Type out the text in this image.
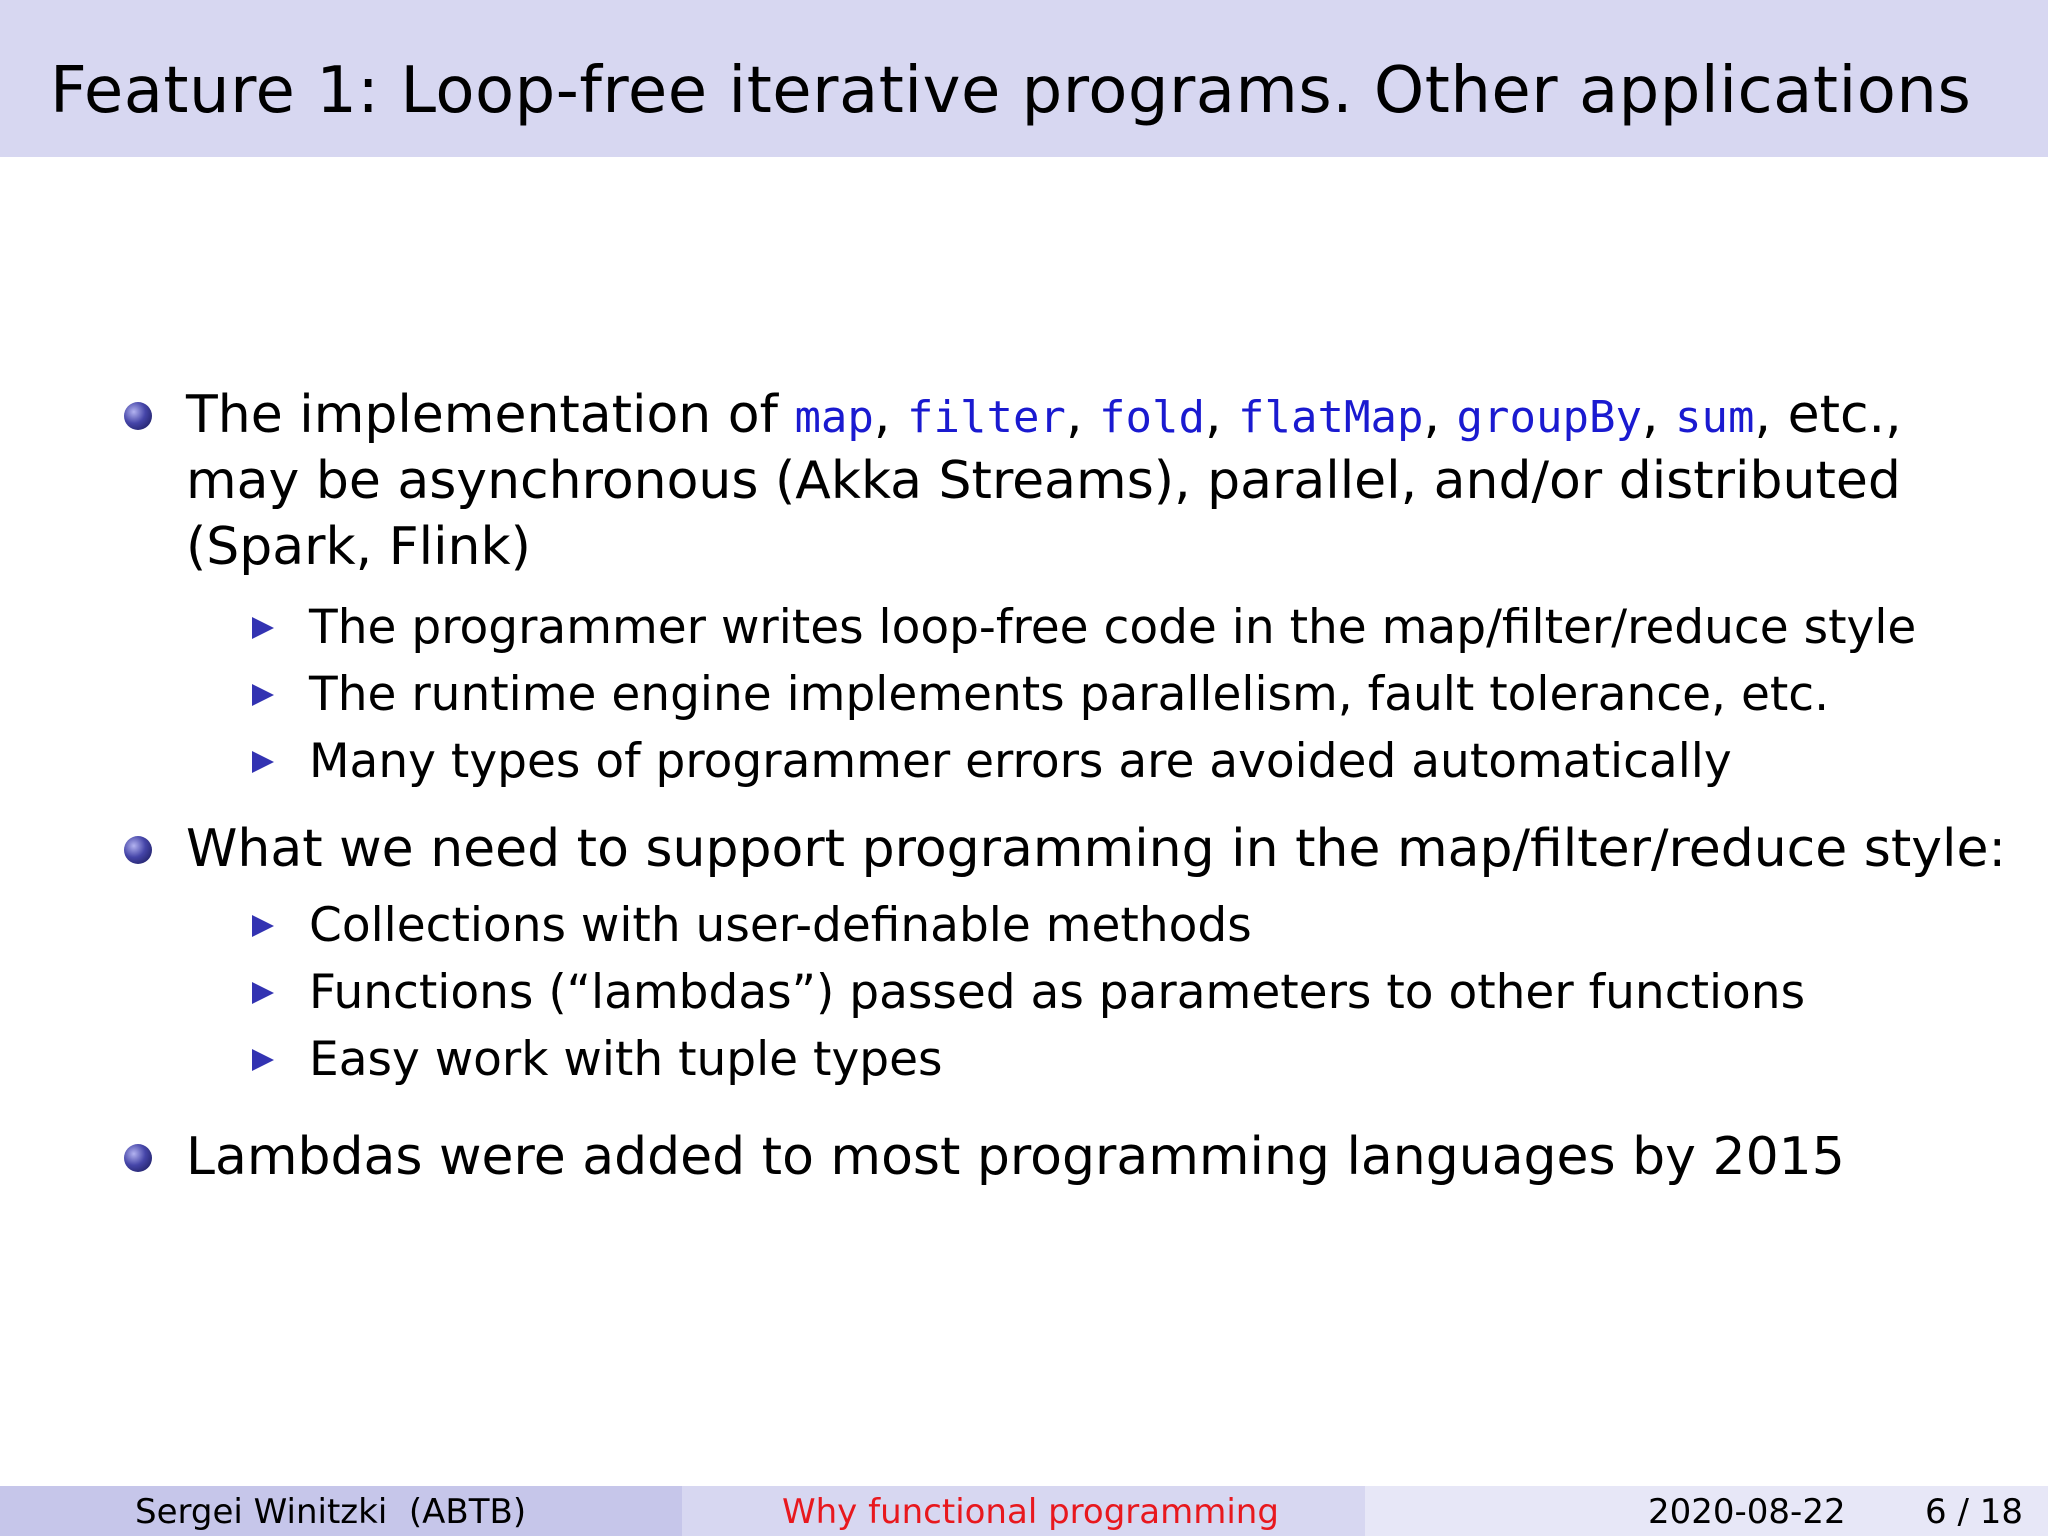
Feature 1: Loop-free iterative programs. Other applications
The implementation of map, filter, fold, flatMap, groupBy, sum, etc.,
may be asynchronous (Akka Streams), parallel, and/or distributed
(Spark, Flink)
The programmer writes loop-free code in the map/filter/reduce style
The runtime engine implements parallelism, fault tolerance, etc.
Many types of programmer errors are avoided automatically
What we need to support programming in the map/filter/reduce style:
Collections with user-definable methods
Functions (“lambdas”) passed as parameters to other functions
Easy work with tuple types
Lambdas were added to most programming languages by 2015
Sergei Winitzki (ABTB)	Why functional programming	2020-08-22 6 / 18
